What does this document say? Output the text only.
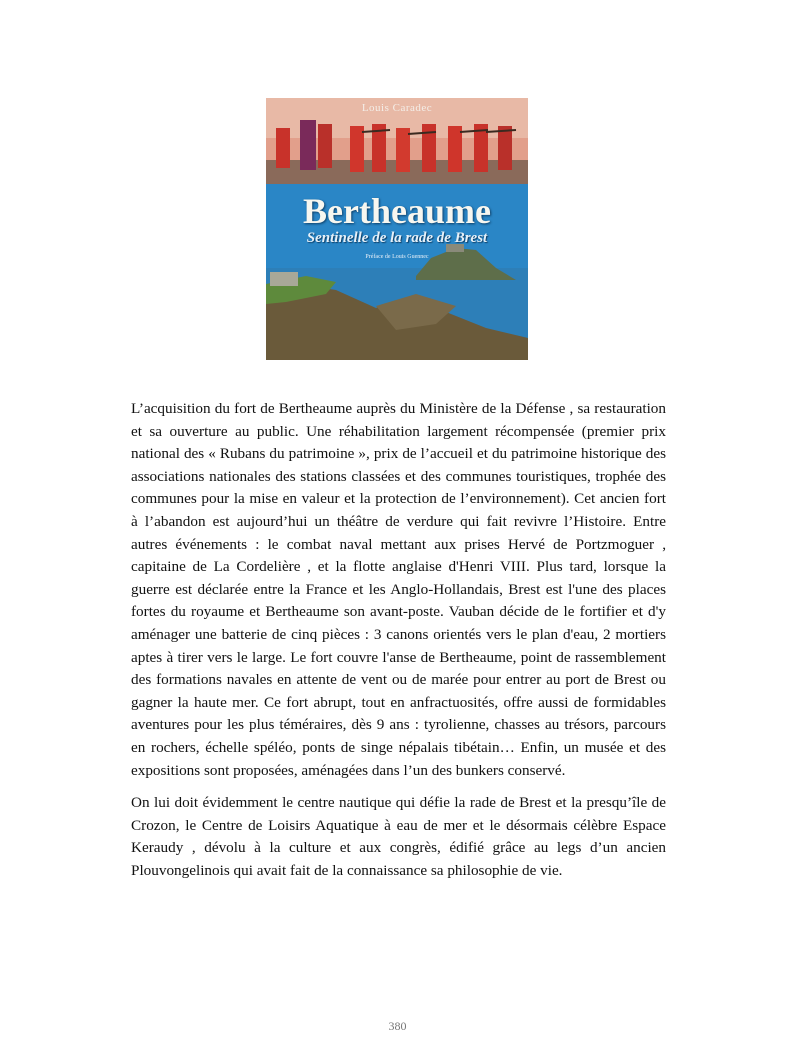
Louis Caradec
Bertheaume
Sentinelle de la rade de Brest
Préface de Louis Guennec

L’acquisition du fort de Bertheaume auprès du Ministère de la Défense , sa restauration et sa ouverture au public. Une réhabilitation largement récompensée (premier prix national des « Rubans du patrimoine », prix de l’accueil et du patrimoine historique des associations nationales des stations classées et des communes touristiques, trophée des communes pour la mise en valeur et la protection de l’environnement). Cet ancien fort à l’abandon est aujourd’hui un théâtre de verdure qui fait revivre l’Histoire. Entre autres événements : le combat naval mettant aux prises Hervé de Portzmoguer , capitaine de La Cordelière , et la flotte anglaise d'Henri VIII. Plus tard, lorsque la guerre est déclarée entre la France et les Anglo-Hollandais, Brest est l'une des places fortes du royaume et Bertheaume son avant-poste. Vauban décide de le fortifier et d'y aménager une batterie de cinq pièces : 3 canons orientés vers le plan d'eau, 2 mortiers aptes à tirer vers le large. Le fort couvre l'anse de Bertheaume, point de rassemblement des formations navales en attente de vent ou de marée pour entrer au port de Brest ou gagner la haute mer. Ce fort abrupt, tout en anfractuosités, offre aussi de formidables aventures pour les plus téméraires, dès 9 ans : tyrolienne, chasses au trésors, parcours en rochers, échelle spéléo, ponts de singe népalais tibétain… Enfin, un musée et des expositions sont proposées, aménagées dans l’un des bunkers conservé.

On lui doit évidemment le centre nautique qui défie la rade de Brest et la presqu’île de Crozon, le Centre de Loisirs Aquatique à eau de mer et le désormais célèbre Espace Keraudy , dévolu à la culture et aux congrès, édifié grâce au legs d’un ancien Plouvongelinois qui avait fait de la connaissance sa philosophie de vie.

380
